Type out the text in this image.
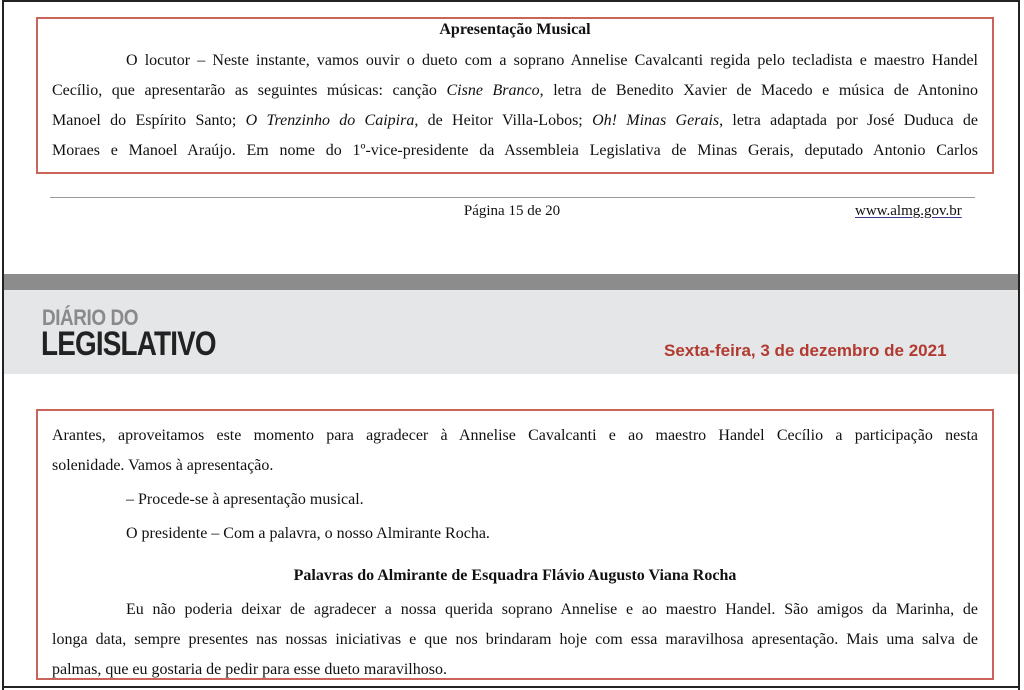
Apresentação Musical
O locutor – Neste instante, vamos ouvir o dueto com a soprano Annelise Cavalcanti regida pelo tecladista e maestro Handel
Cecílio, que apresentarão as seguintes músicas: canção Cisne Branco, letra de Benedito Xavier de Macedo e música de Antonino
Manoel do Espírito Santo; O Trenzinho do Caipira, de Heitor Villa-Lobos; Oh! Minas Gerais, letra adaptada por José Duduca de
Moraes e Manoel Araújo. Em nome do 1º-vice-presidente da Assembleia Legislativa de Minas Gerais, deputado Antonio Carlos
Página 15 de 20	www.almg.gov.br
DIÁRIO DO
LEGISLATIVO	Sexta-feira, 3 de dezembro de 2021
Arantes, aproveitamos este momento para agradecer à Annelise Cavalcanti e ao maestro Handel Cecílio a participação nesta
solenidade. Vamos à apresentação.
– Procede-se à apresentação musical.
O presidente – Com a palavra, o nosso Almirante Rocha.
Palavras do Almirante de Esquadra Flávio Augusto Viana Rocha
Eu não poderia deixar de agradecer a nossa querida soprano Annelise e ao maestro Handel. São amigos da Marinha, de
longa data, sempre presentes nas nossas iniciativas e que nos brindaram hoje com essa maravilhosa apresentação. Mais uma salva de
palmas, que eu gostaria de pedir para esse dueto maravilhoso.
